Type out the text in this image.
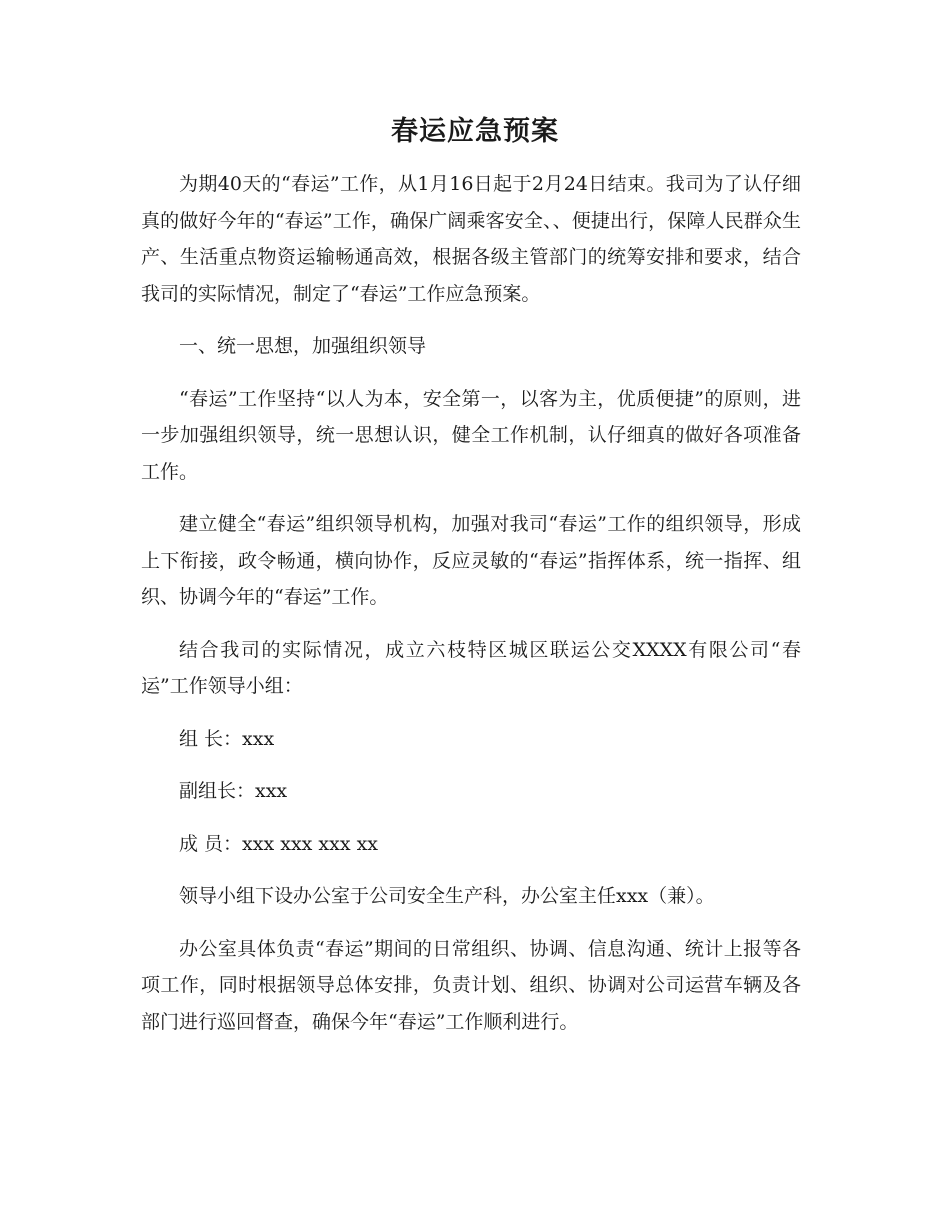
春运应急预案

为期40天的“春运”工作，从1月16日起于2月24日结束。我司为了认仔细真的做好今年的“春运”工作，确保广阔乘客安全、、便捷出行，保障人民群众生产、生活重点物资运输畅通高效，根据各级主管部门的统筹安排和要求，结合我司的实际情况，制定了“春运”工作应急预案。

一、统一思想，加强组织领导

“春运”工作坚持“以人为本，安全第一，以客为主，优质便捷”的原则，进一步加强组织领导，统一思想认识，健全工作机制，认仔细真的做好各项准备工作。

建立健全“春运”组织领导机构，加强对我司“春运”工作的组织领导，形成上下衔接，政令畅通，横向协作，反应灵敏的“春运”指挥体系，统一指挥、组织、协调今年的“春运”工作。

结合我司的实际情况，成立六枝特区城区联运公交XXXX有限公司“春运”工作领导小组：

组 长：xxx

副组长：xxx

成 员：xxx xxx xxx xx

领导小组下设办公室于公司安全生产科，办公室主任xxx（兼）。

办公室具体负责“春运”期间的日常组织、协调、信息沟通、统计上报等各项工作，同时根据领导总体安排，负责计划、组织、协调对公司运营车辆及各部门进行巡回督查，确保今年“春运”工作顺利进行。
